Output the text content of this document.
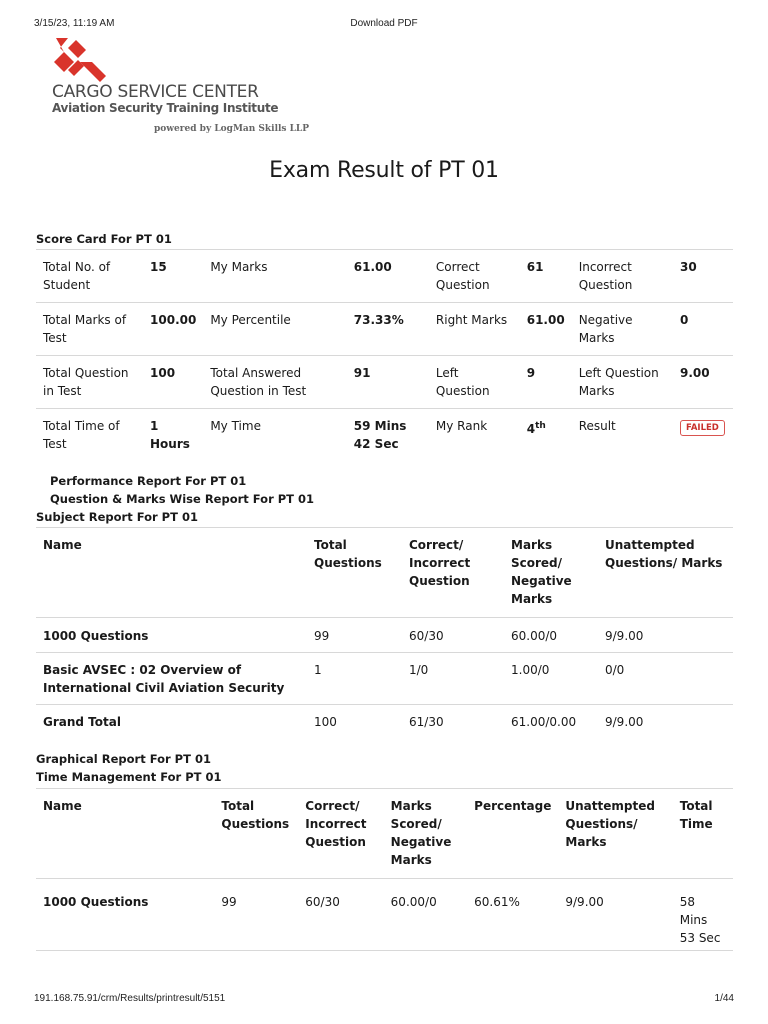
3/15/23, 11:19 AM	Download PDF
CARGO SERVICE CENTER
Aviation Security Training Institute
powered by LogMan Skills LLP
Exam Result of PT 01
Score Card For PT 01
Total No. of Student	15	My Marks	61.00	Correct Question	61	Incorrect Question	30
Total Marks of Test	100.00	My Percentile	73.33%	Right Marks	61.00	Negative Marks	0
Total Question in Test	100	Total Answered Question in Test	91	Left Question	9	Left Question Marks	9.00
Total Time of Test	1 Hours	My Time	59 Mins 42 Sec	My Rank	4th	Result	FAILED
Performance Report For PT 01
Question & Marks Wise Report For PT 01
Subject Report For PT 01
Name	Total Questions	Correct/ Incorrect Question	Marks Scored/ Negative Marks	Unattempted Questions/ Marks
1000 Questions	99	60/30	60.00/0	9/9.00
Basic AVSEC : 02 Overview of International Civil Aviation Security	1	1/0	1.00/0	0/0
Grand Total	100	61/30	61.00/0.00	9/9.00
Graphical Report For PT 01
Time Management For PT 01
Name	Total Questions	Correct/ Incorrect Question	Marks Scored/ Negative Marks	Percentage	Unattempted Questions/ Marks	Total Time
1000 Questions	99	60/30	60.00/0	60.61%	9/9.00	58 Mins 53 Sec
191.168.75.91/crm/Results/printresult/5151	1/44
